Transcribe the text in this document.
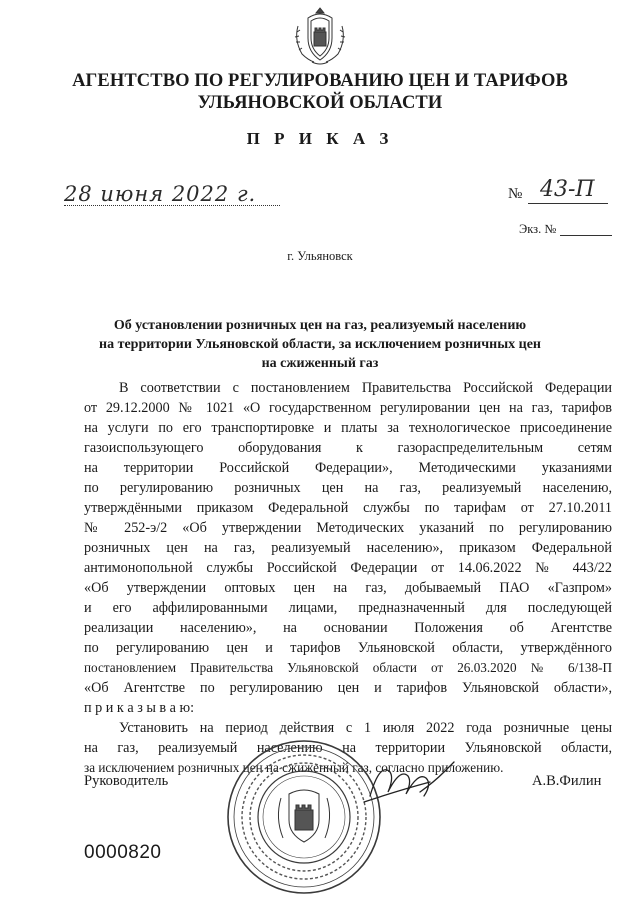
АГЕНТСТВО ПО РЕГУЛИРОВАНИЮ ЦЕН И ТАРИФОВ
УЛЬЯНОВСКОЙ ОБЛАСТИ
П Р И К А З
28 июня 2022 г.	№ 43-П
Экз. №
г. Ульяновск
Об установлении розничных цен на газ, реализуемый населению
на территории Ульяновской области, за исключением розничных цен
на сжиженный газ
В соответствии с постановлением Правительства Российской Федерации
от 29.12.2000 № 1021 «О государственном регулировании цен на газ, тарифов
на услуги по его транспортировке и платы за технологическое присоединение
газоиспользующего оборудования к газораспределительным сетям
на территории Российской Федерации», Методическими указаниями
по регулированию розничных цен на газ, реализуемый населению,
утверждёнными приказом Федеральной службы по тарифам от 27.10.2011
№ 252-э/2 «Об утверждении Методических указаний по регулированию
розничных цен на газ, реализуемый населению», приказом Федеральной
антимонопольной службы Российской Федерации от 14.06.2022 № 443/22
«Об утверждении оптовых цен на газ, добываемый ПАО «Газпром»
и его аффилированными лицами, предназначенный для последующей
реализации населению», на основании Положения об Агентстве
по регулированию цен и тарифов Ульяновской области, утверждённого
постановлением Правительства Ульяновской области от 26.03.2020 № 6/138-П
«Об Агентстве по регулированию цен и тарифов Ульяновской области»,
п р и к а з ы в а ю:
Установить на период действия с 1 июля 2022 года розничные цены
на газ, реализуемый населению на территории Ульяновской области,
за исключением розничных цен на сжиженный газ, согласно приложению.
Руководитель	А.В.Филин
0000820
